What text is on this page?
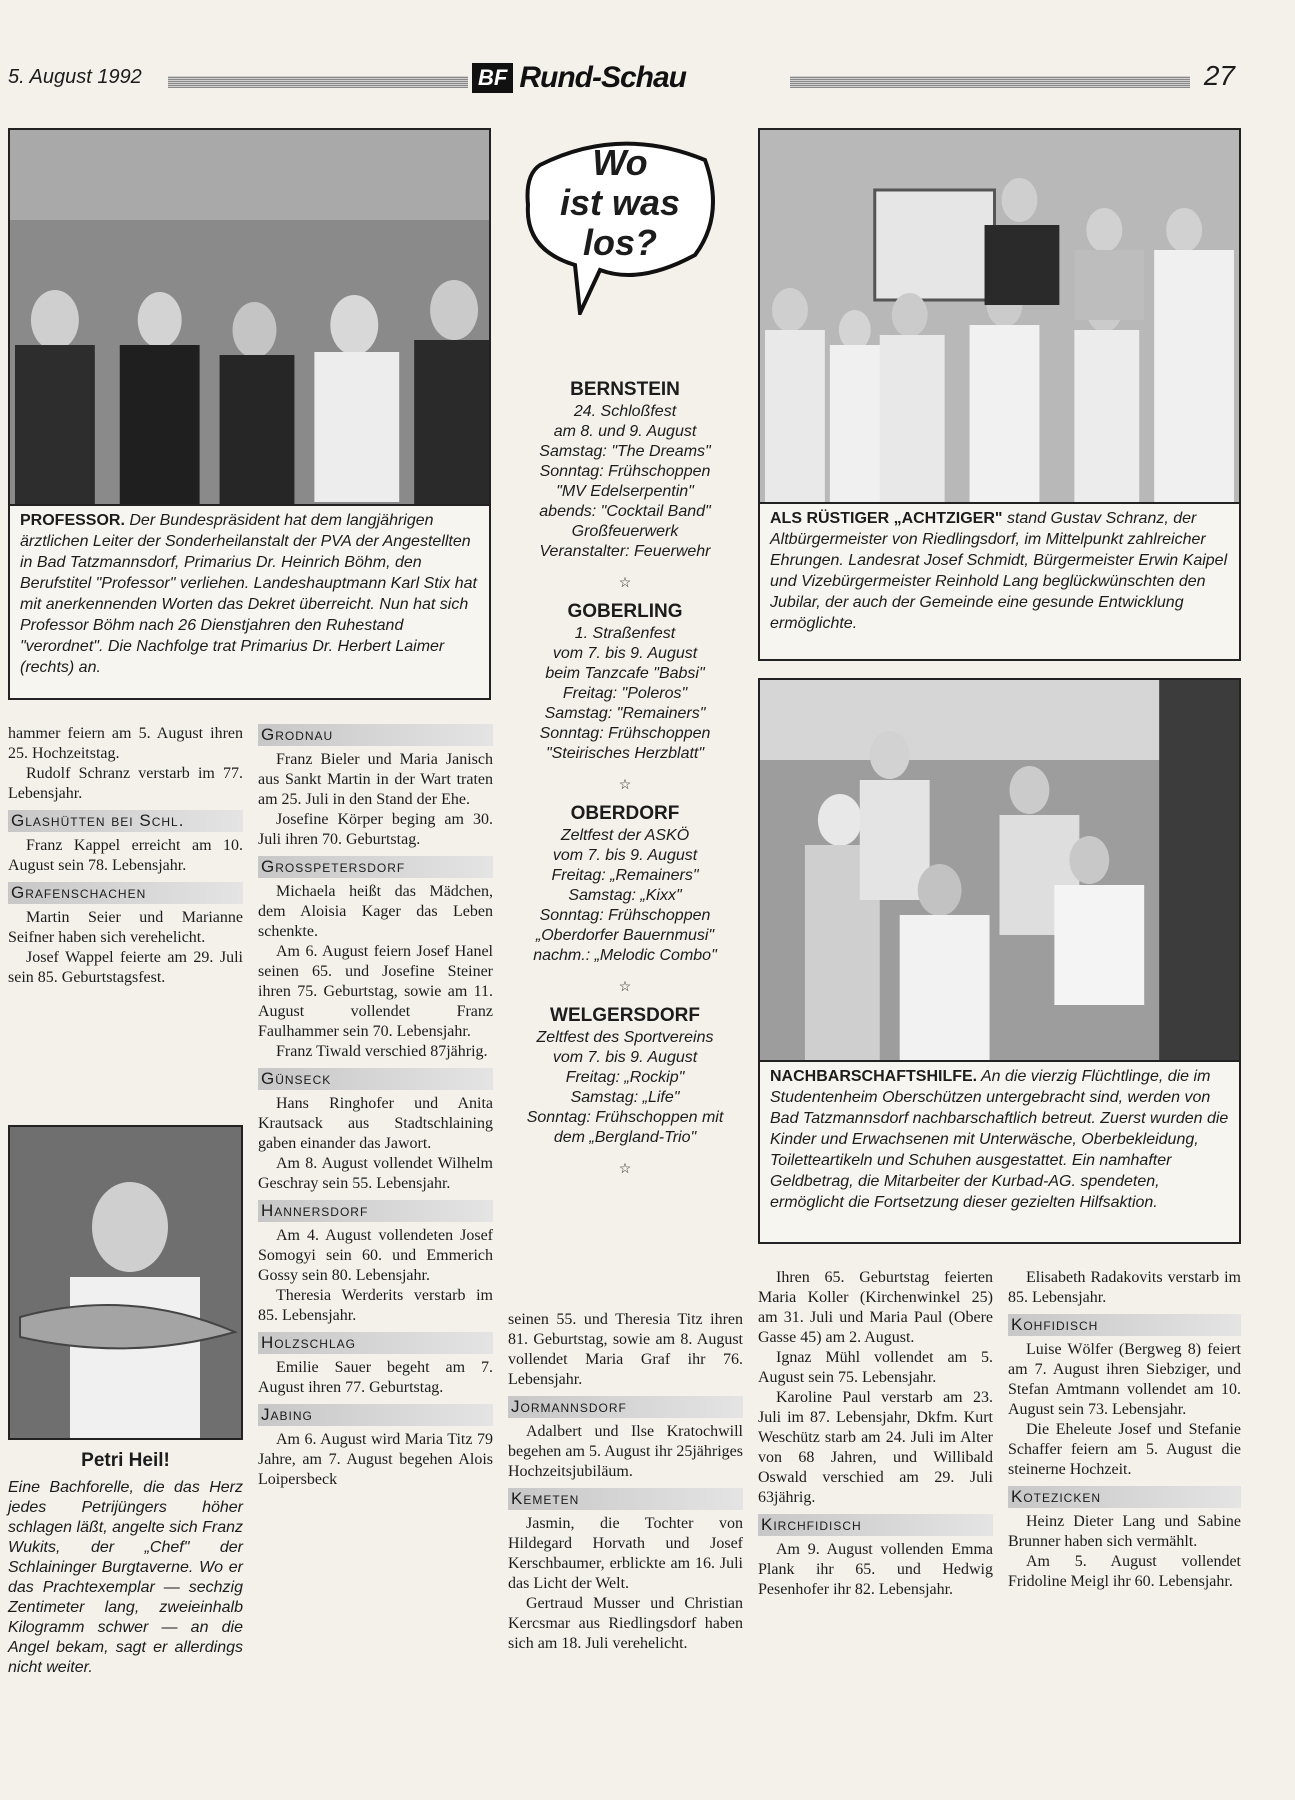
5. August 1992	BF Rund-Schau	27
PROFESSOR. Der Bundespräsident hat dem langjährigen ärztlichen Leiter der Sonderheilanstalt der PVA der Angestellten in Bad Tatzmannsdorf, Primarius Dr. Heinrich Böhm, den Berufstitel "Professor" verliehen. Landeshauptmann Karl Stix hat mit anerkennenden Worten das Dekret überreicht. Nun hat sich Professor Böhm nach 26 Dienstjahren den Ruhestand "verordnet". Die Nachfolge trat Primarius Dr. Herbert Laimer (rechts) an.
Wo
ist was
los?
BERNSTEIN
24. Schloßfest
am 8. und 9. August
Samstag: "The Dreams"
Sonntag: Frühschoppen
"MV Edelserpentin"
abends: "Cocktail Band"
Großfeuerwerk
Veranstalter: Feuerwehr
☆
GOBERLING
1. Straßenfest
vom 7. bis 9. August
beim Tanzcafe "Babsi"
Freitag: "Poleros"
Samstag: "Remainers"
Sonntag: Frühschoppen
"Steirisches Herzblatt"
☆
OBERDORF
Zeltfest der ASKÖ
vom 7. bis 9. August
Freitag: „Remainers"
Samstag: „Kixx"
Sonntag: Frühschoppen
„Oberdorfer Bauernmusi"
nachm.: „Melodic Combo"
☆
WELGERSDORF
Zeltfest des Sportvereins
vom 7. bis 9. August
Freitag: „Rockip"
Samstag: „Life"
Sonntag: Frühschoppen mit
dem „Bergland-Trio"
☆
ALS RÜSTIGER „ACHTZIGER" stand Gustav Schranz, der Altbürgermeister von Riedlingsdorf, im Mittelpunkt zahlreicher Ehrungen. Landesrat Josef Schmidt, Bürgermeister Erwin Kaipel und Vizebürgermeister Reinhold Lang beglückwünschten den Jubilar, der auch der Gemeinde eine gesunde Entwicklung ermöglichte.
NACHBARSCHAFTSHILFE. An die vierzig Flüchtlinge, die im Studentenheim Oberschützen untergebracht sind, werden von Bad Tatzmannsdorf nachbarschaftlich betreut. Zuerst wurden die Kinder und Erwachsenen mit Unterwäsche, Oberbekleidung, Toiletteartikeln und Schuhen ausgestattet. Ein namhafter Geldbetrag, die Mitarbeiter der Kurbad-AG. spendeten, ermöglicht die Fortsetzung dieser gezielten Hilfsaktion.

hammer feiern am 5. August ihren 25. Hochzeitstag.

Rudolf Schranz verstarb im 77. Lebensjahr.

Glashütten bei Schl.

Franz Kappel erreicht am 10. August sein 78. Lebensjahr.

Grafenschachen

Martin Seier und Marianne Seifner haben sich verehelicht.

Josef Wappel feierte am 29. Juli sein 85. Geburtstagsfest.

Petri Heil!
Eine Bachforelle, die das Herz jedes Petrijüngers höher schlagen läßt, angelte sich Franz Wukits, der „Chef" der Schlaininger Burgtaverne. Wo er das Prachtexemplar — sechzig Zentimeter lang, zweieinhalb Kilogramm schwer — an die Angel bekam, sagt er allerdings nicht weiter.
Grodnau

Franz Bieler und Maria Janisch aus Sankt Martin in der Wart traten am 25. Juli in den Stand der Ehe.

Josefine Körper beging am 30. Juli ihren 70. Geburtstag.

Grosspetersdorf

Michaela heißt das Mädchen, dem Aloisia Kager das Leben schenkte.

Am 6. August feiern Josef Hanel seinen 65. und Josefine Steiner ihren 75. Geburtstag, sowie am 11. August vollendet Franz Faulhammer sein 70. Lebensjahr.

Franz Tiwald verschied 87jährig.

Günseck

Hans Ringhofer und Anita Krautsack aus Stadtschlaining gaben einander das Jawort.

Am 8. August vollendet Wilhelm Geschray sein 55. Lebensjahr.

Hannersdorf

Am 4. August vollendeten Josef Somogyi sein 60. und Emmerich Gossy sein 80. Lebensjahr.

Theresia Werderits verstarb im 85. Lebensjahr.

Holzschlag

Emilie Sauer begeht am 7. August ihren 77. Geburtstag.

Jabing

Am 6. August wird Maria Titz 79 Jahre, am 7. August begehen Alois Loipersbeck

seinen 55. und Theresia Titz ihren 81. Geburtstag, sowie am 8. August vollendet Maria Graf ihr 76. Lebensjahr.

Jormannsdorf

Adalbert und Ilse Kratochwill begehen am 5. August ihr 25jähriges Hochzeitsjubiläum.

Kemeten

Jasmin, die Tochter von Hildegard Horvath und Josef Kerschbaumer, erblickte am 16. Juli das Licht der Welt.

Gertraud Musser und Christian Kercsmar aus Riedlingsdorf haben sich am 18. Juli verehelicht.

Ihren 65. Geburtstag feierten Maria Koller (Kirchenwinkel 25) am 31. Juli und Maria Paul (Obere Gasse 45) am 2. August.

Ignaz Mühl vollendet am 5. August sein 75. Lebensjahr.

Karoline Paul verstarb am 23. Juli im 87. Lebensjahr, Dkfm. Kurt Weschütz starb am 24. Juli im Alter von 68 Jahren, und Willibald Oswald verschied am 29. Juli 63jährig.

Kirchfidisch

Am 9. August vollenden Emma Plank ihr 65. und Hedwig Pesenhofer ihr 82. Lebensjahr.

Elisabeth Radakovits verstarb im 85. Lebensjahr.

Kohfidisch

Luise Wölfer (Bergweg 8) feiert am 7. August ihren Siebziger, und Stefan Amtmann vollendet am 10. August sein 73. Lebensjahr.

Die Eheleute Josef und Stefanie Schaffer feiern am 5. August die steinerne Hochzeit.

Kotezicken

Heinz Dieter Lang und Sabine Brunner haben sich vermählt.

Am 5. August vollendet Fridoline Meigl ihr 60. Lebensjahr.
